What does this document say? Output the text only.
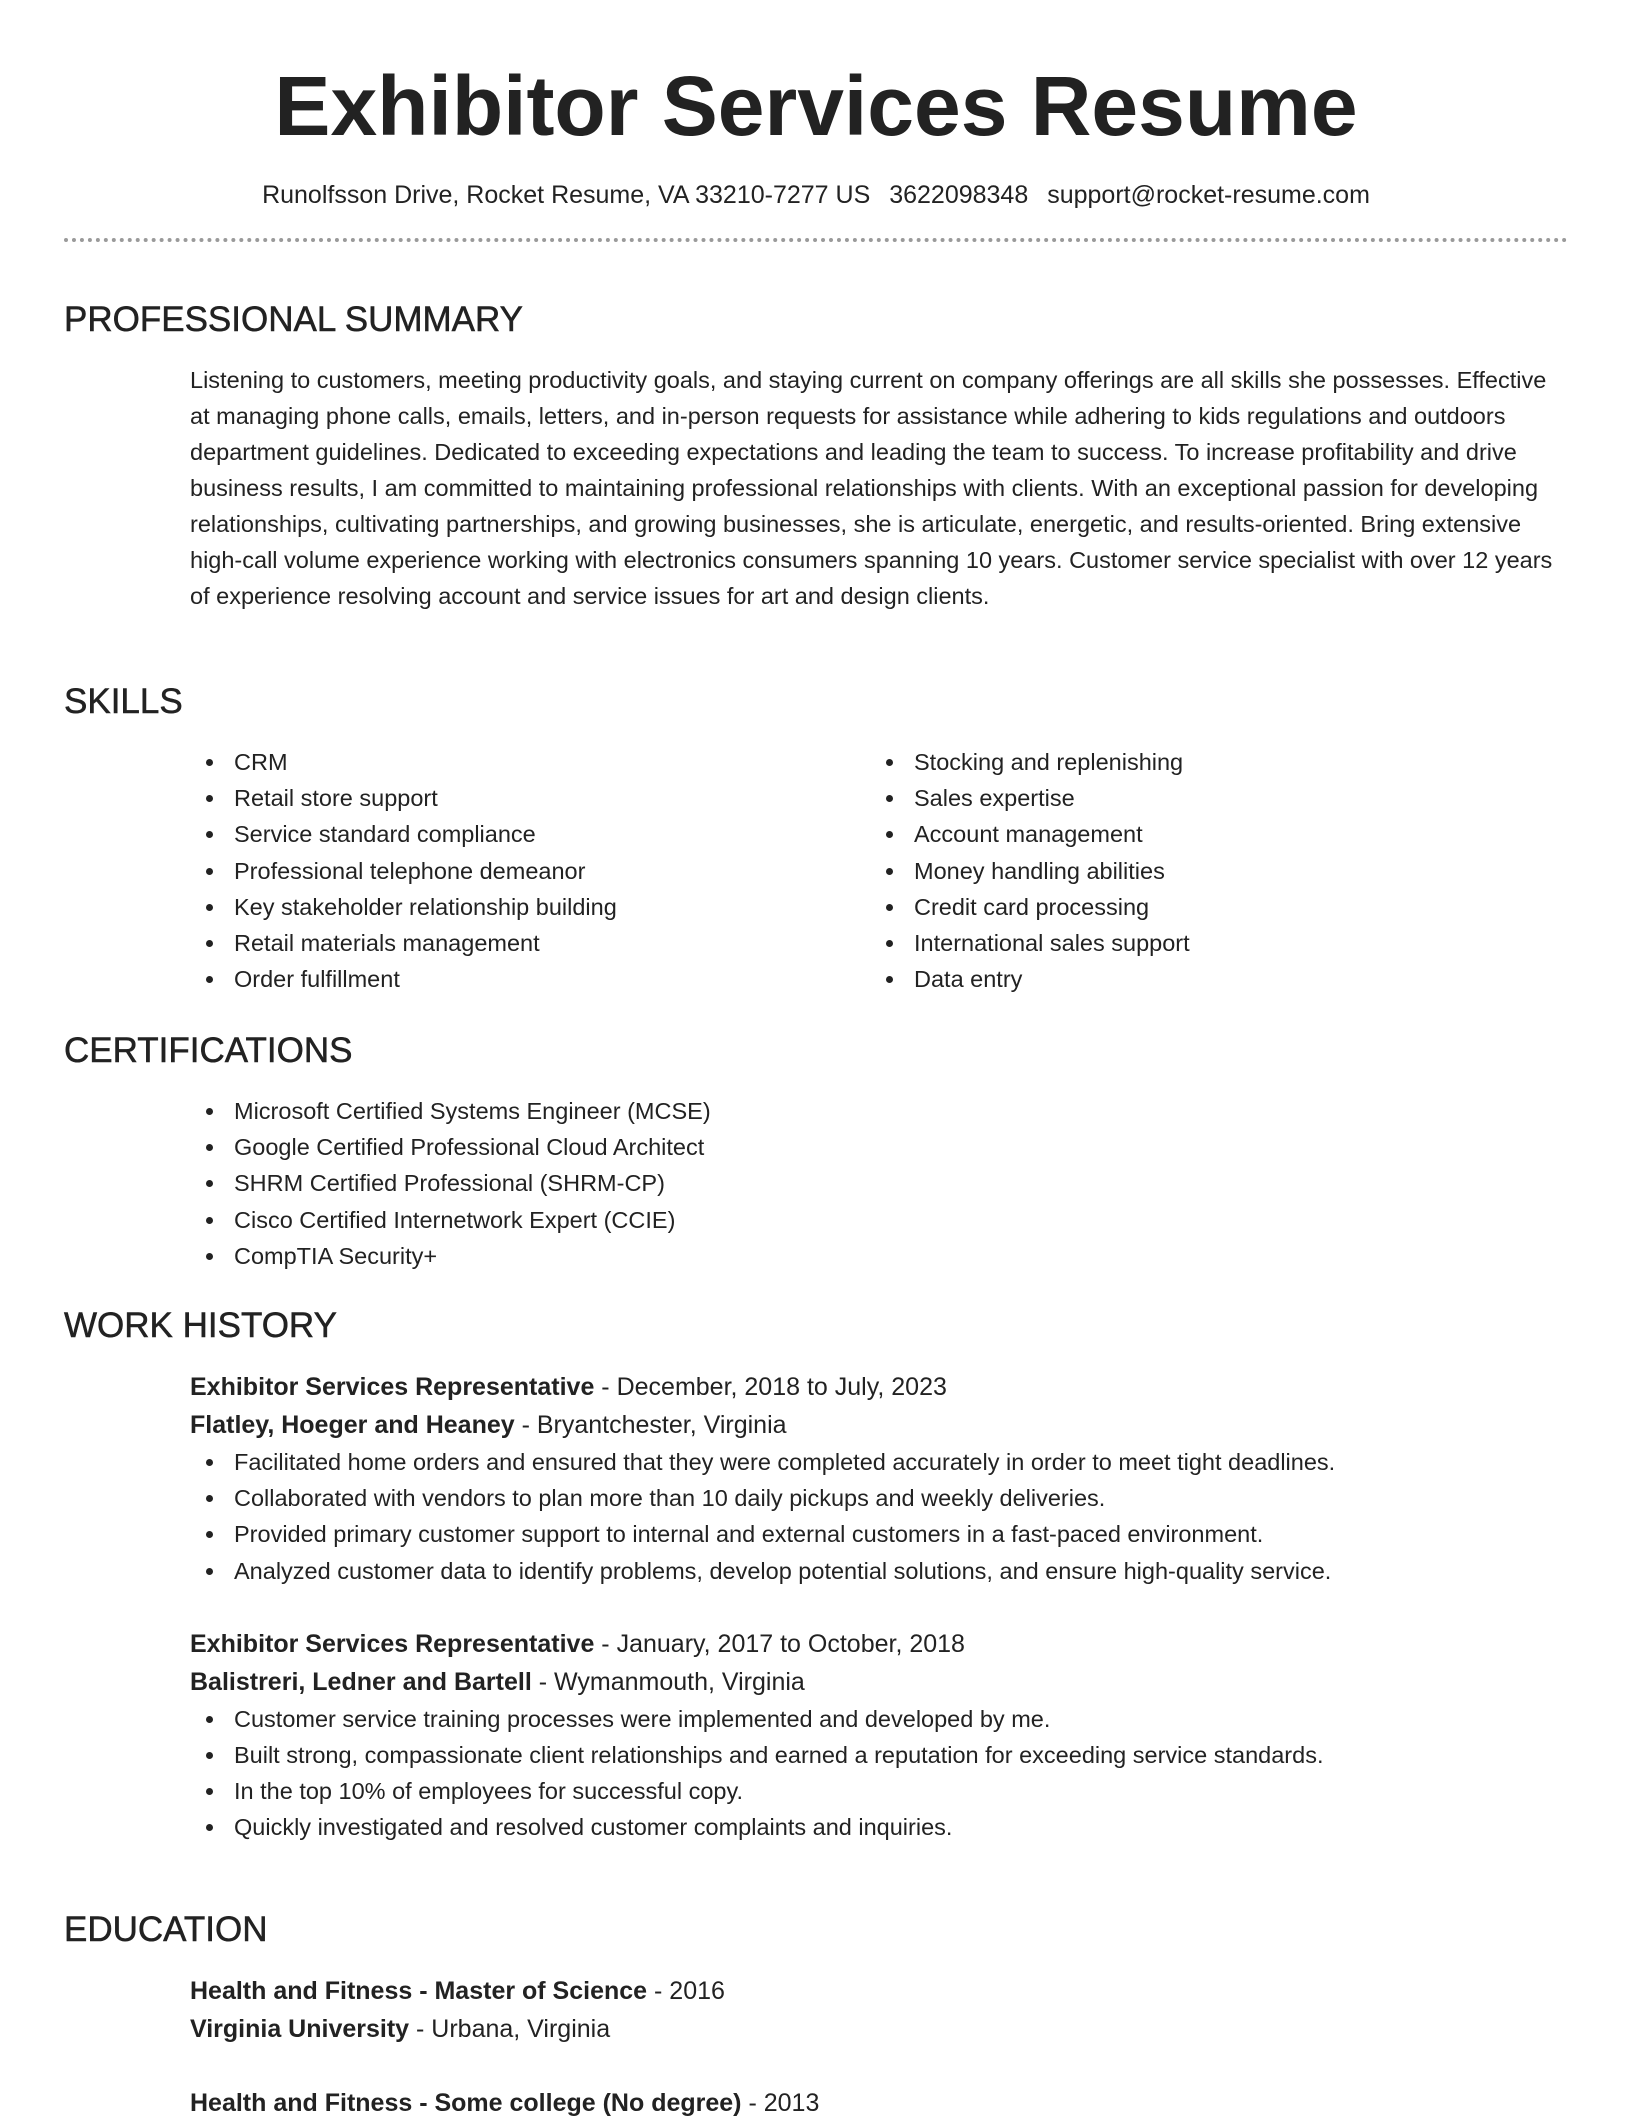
Exhibitor Services Resume
Runolfsson Drive, Rocket Resume, VA 33210-7277 US 3622098348 support@rocket-resume.com
PROFESSIONAL SUMMARY
Listening to customers, meeting productivity goals, and staying current on company offerings are all skills she possesses. Effective at managing phone calls, emails, letters, and in-person requests for assistance while adhering to kids regulations and outdoors department guidelines. Dedicated to exceeding expectations and leading the team to success. To increase profitability and drive business results, I am committed to maintaining professional relationships with clients. With an exceptional passion for developing relationships, cultivating partnerships, and growing businesses, she is articulate, energetic, and results-oriented. Bring extensive high-call volume experience working with electronics consumers spanning 10 years. Customer service specialist with over 12 years of experience resolving account and service issues for art and design clients.
SKILLS
CRM
Retail store support
Service standard compliance
Professional telephone demeanor
Key stakeholder relationship building
Retail materials management
Order fulfillment
Stocking and replenishing
Sales expertise
Account management
Money handling abilities
Credit card processing
International sales support
Data entry
CERTIFICATIONS
Microsoft Certified Systems Engineer (MCSE)
Google Certified Professional Cloud Architect
SHRM Certified Professional (SHRM-CP)
Cisco Certified Internetwork Expert (CCIE)
CompTIA Security+
WORK HISTORY
Exhibitor Services Representative - December, 2018 to July, 2023
Flatley, Hoeger and Heaney - Bryantchester, Virginia
Facilitated home orders and ensured that they were completed accurately in order to meet tight deadlines.
Collaborated with vendors to plan more than 10 daily pickups and weekly deliveries.
Provided primary customer support to internal and external customers in a fast-paced environment.
Analyzed customer data to identify problems, develop potential solutions, and ensure high-quality service.
Exhibitor Services Representative - January, 2017 to October, 2018
Balistreri, Ledner and Bartell - Wymanmouth, Virginia
Customer service training processes were implemented and developed by me.
Built strong, compassionate client relationships and earned a reputation for exceeding service standards.
In the top 10% of employees for successful copy.
Quickly investigated and resolved customer complaints and inquiries.
EDUCATION
Health and Fitness - Master of Science - 2016
Virginia University - Urbana, Virginia
Health and Fitness - Some college (No degree) - 2013
